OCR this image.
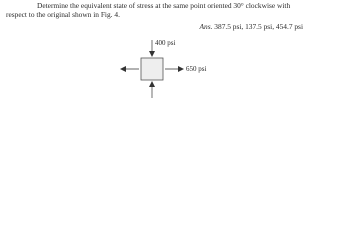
Determine the equivalent state of stress at the same point oriented 30° clockwise with
respect to the original shown in Fig. 4.
Ans. 387.5 psi, 137.5 psi, 454.7 psi
400 psi
650 psi
